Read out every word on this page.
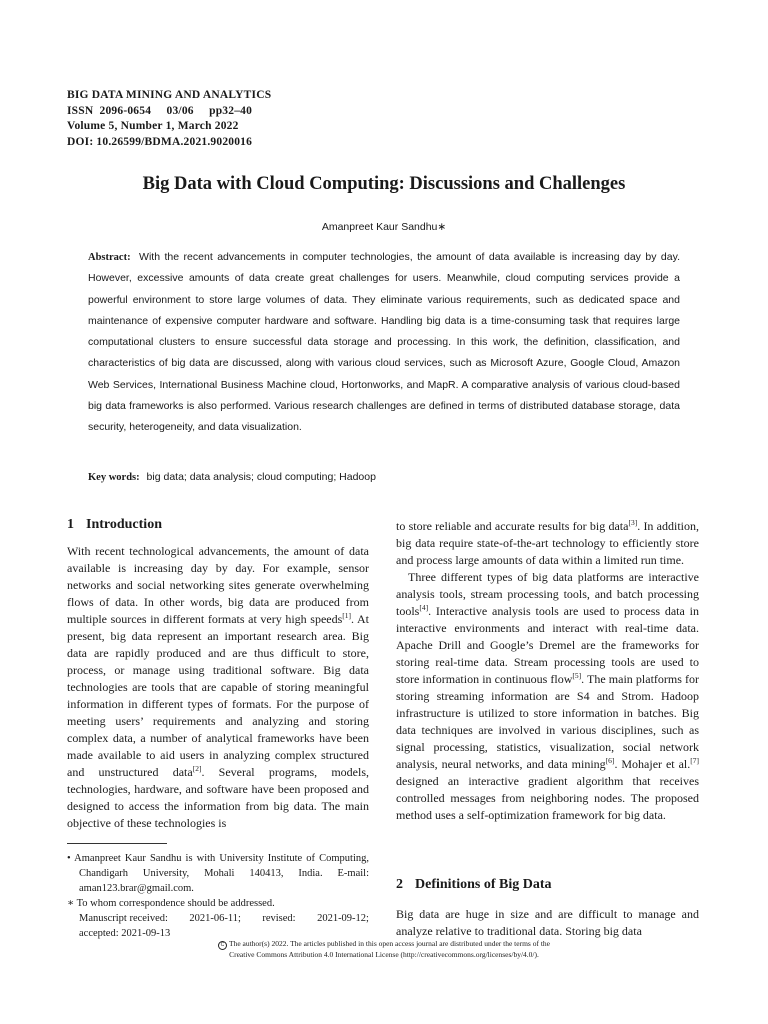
BIG DATA MINING AND ANALYTICS
ISSN  2096-0654     03/06     pp32–40
Volume 5, Number 1, March 2022
DOI: 10.26599/BDMA.2021.9020016
Big Data with Cloud Computing: Discussions and Challenges
Amanpreet Kaur Sandhu∗
Abstract: With the recent advancements in computer technologies, the amount of data available is increasing day by day. However, excessive amounts of data create great challenges for users. Meanwhile, cloud computing services provide a powerful environment to store large volumes of data. They eliminate various requirements, such as dedicated space and maintenance of expensive computer hardware and software. Handling big data is a time-consuming task that requires large computational clusters to ensure successful data storage and processing. In this work, the definition, classification, and characteristics of big data are discussed, along with various cloud services, such as Microsoft Azure, Google Cloud, Amazon Web Services, International Business Machine cloud, Hortonworks, and MapR. A comparative analysis of various cloud-based big data frameworks is also performed. Various research challenges are defined in terms of distributed database storage, data security, heterogeneity, and data visualization.
Key words: big data; data analysis; cloud computing; Hadoop
1 Introduction

With recent technological advancements, the amount of data available is increasing day by day. For example, sensor networks and social networking sites generate overwhelming flows of data. In other words, big data are produced from multiple sources in different formats at very high speeds[1]. At present, big data represent an important research area. Big data are rapidly produced and are thus difficult to store, process, or manage using traditional software. Big data technologies are tools that are capable of storing meaningful information in different types of formats. For the purpose of meeting users’ requirements and analyzing and storing complex data, a number of analytical frameworks have been made available to aid users in analyzing complex structured and unstructured data[2]. Several programs, models, technologies, hardware, and software have been proposed and designed to access the information from big data. The main objective of these technologies is

to store reliable and accurate results for big data[3]. In addition, big data require state-of-the-art technology to efficiently store and process large amounts of data within a limited run time.

Three different types of big data platforms are interactive analysis tools, stream processing tools, and batch processing tools[4]. Interactive analysis tools are used to process data in interactive environments and interact with real-time data. Apache Drill and Google’s Dremel are the frameworks for storing real-time data. Stream processing tools are used to store information in continuous flow[5]. The main platforms for storing streaming information are S4 and Strom. Hadoop infrastructure is utilized to store information in batches. Big data techniques are involved in various disciplines, such as signal processing, statistics, visualization, social network analysis, neural networks, and data mining[6]. Mohajer et al.[7] designed an interactive gradient algorithm that receives controlled messages from neighboring nodes. The proposed method uses a self-optimization framework for big data.

2 Definitions of Big Data

Big data are huge in size and are difficult to manage and analyze relative to traditional data. Storing big data

• Amanpreet Kaur Sandhu is with University Institute of Computing, Chandigarh University, Mohali 140413, India. E-mail: aman123.brar@gmail.com.

∗ To whom correspondence should be addressed.

Manuscript received: 2021-06-11; revised: 2021-09-12;

accepted: 2021-09-13

C The author(s) 2022. The articles published in this open access journal are distributed under the terms of the
Creative Commons Attribution 4.0 International License (http://creativecommons.org/licenses/by/4.0/).
